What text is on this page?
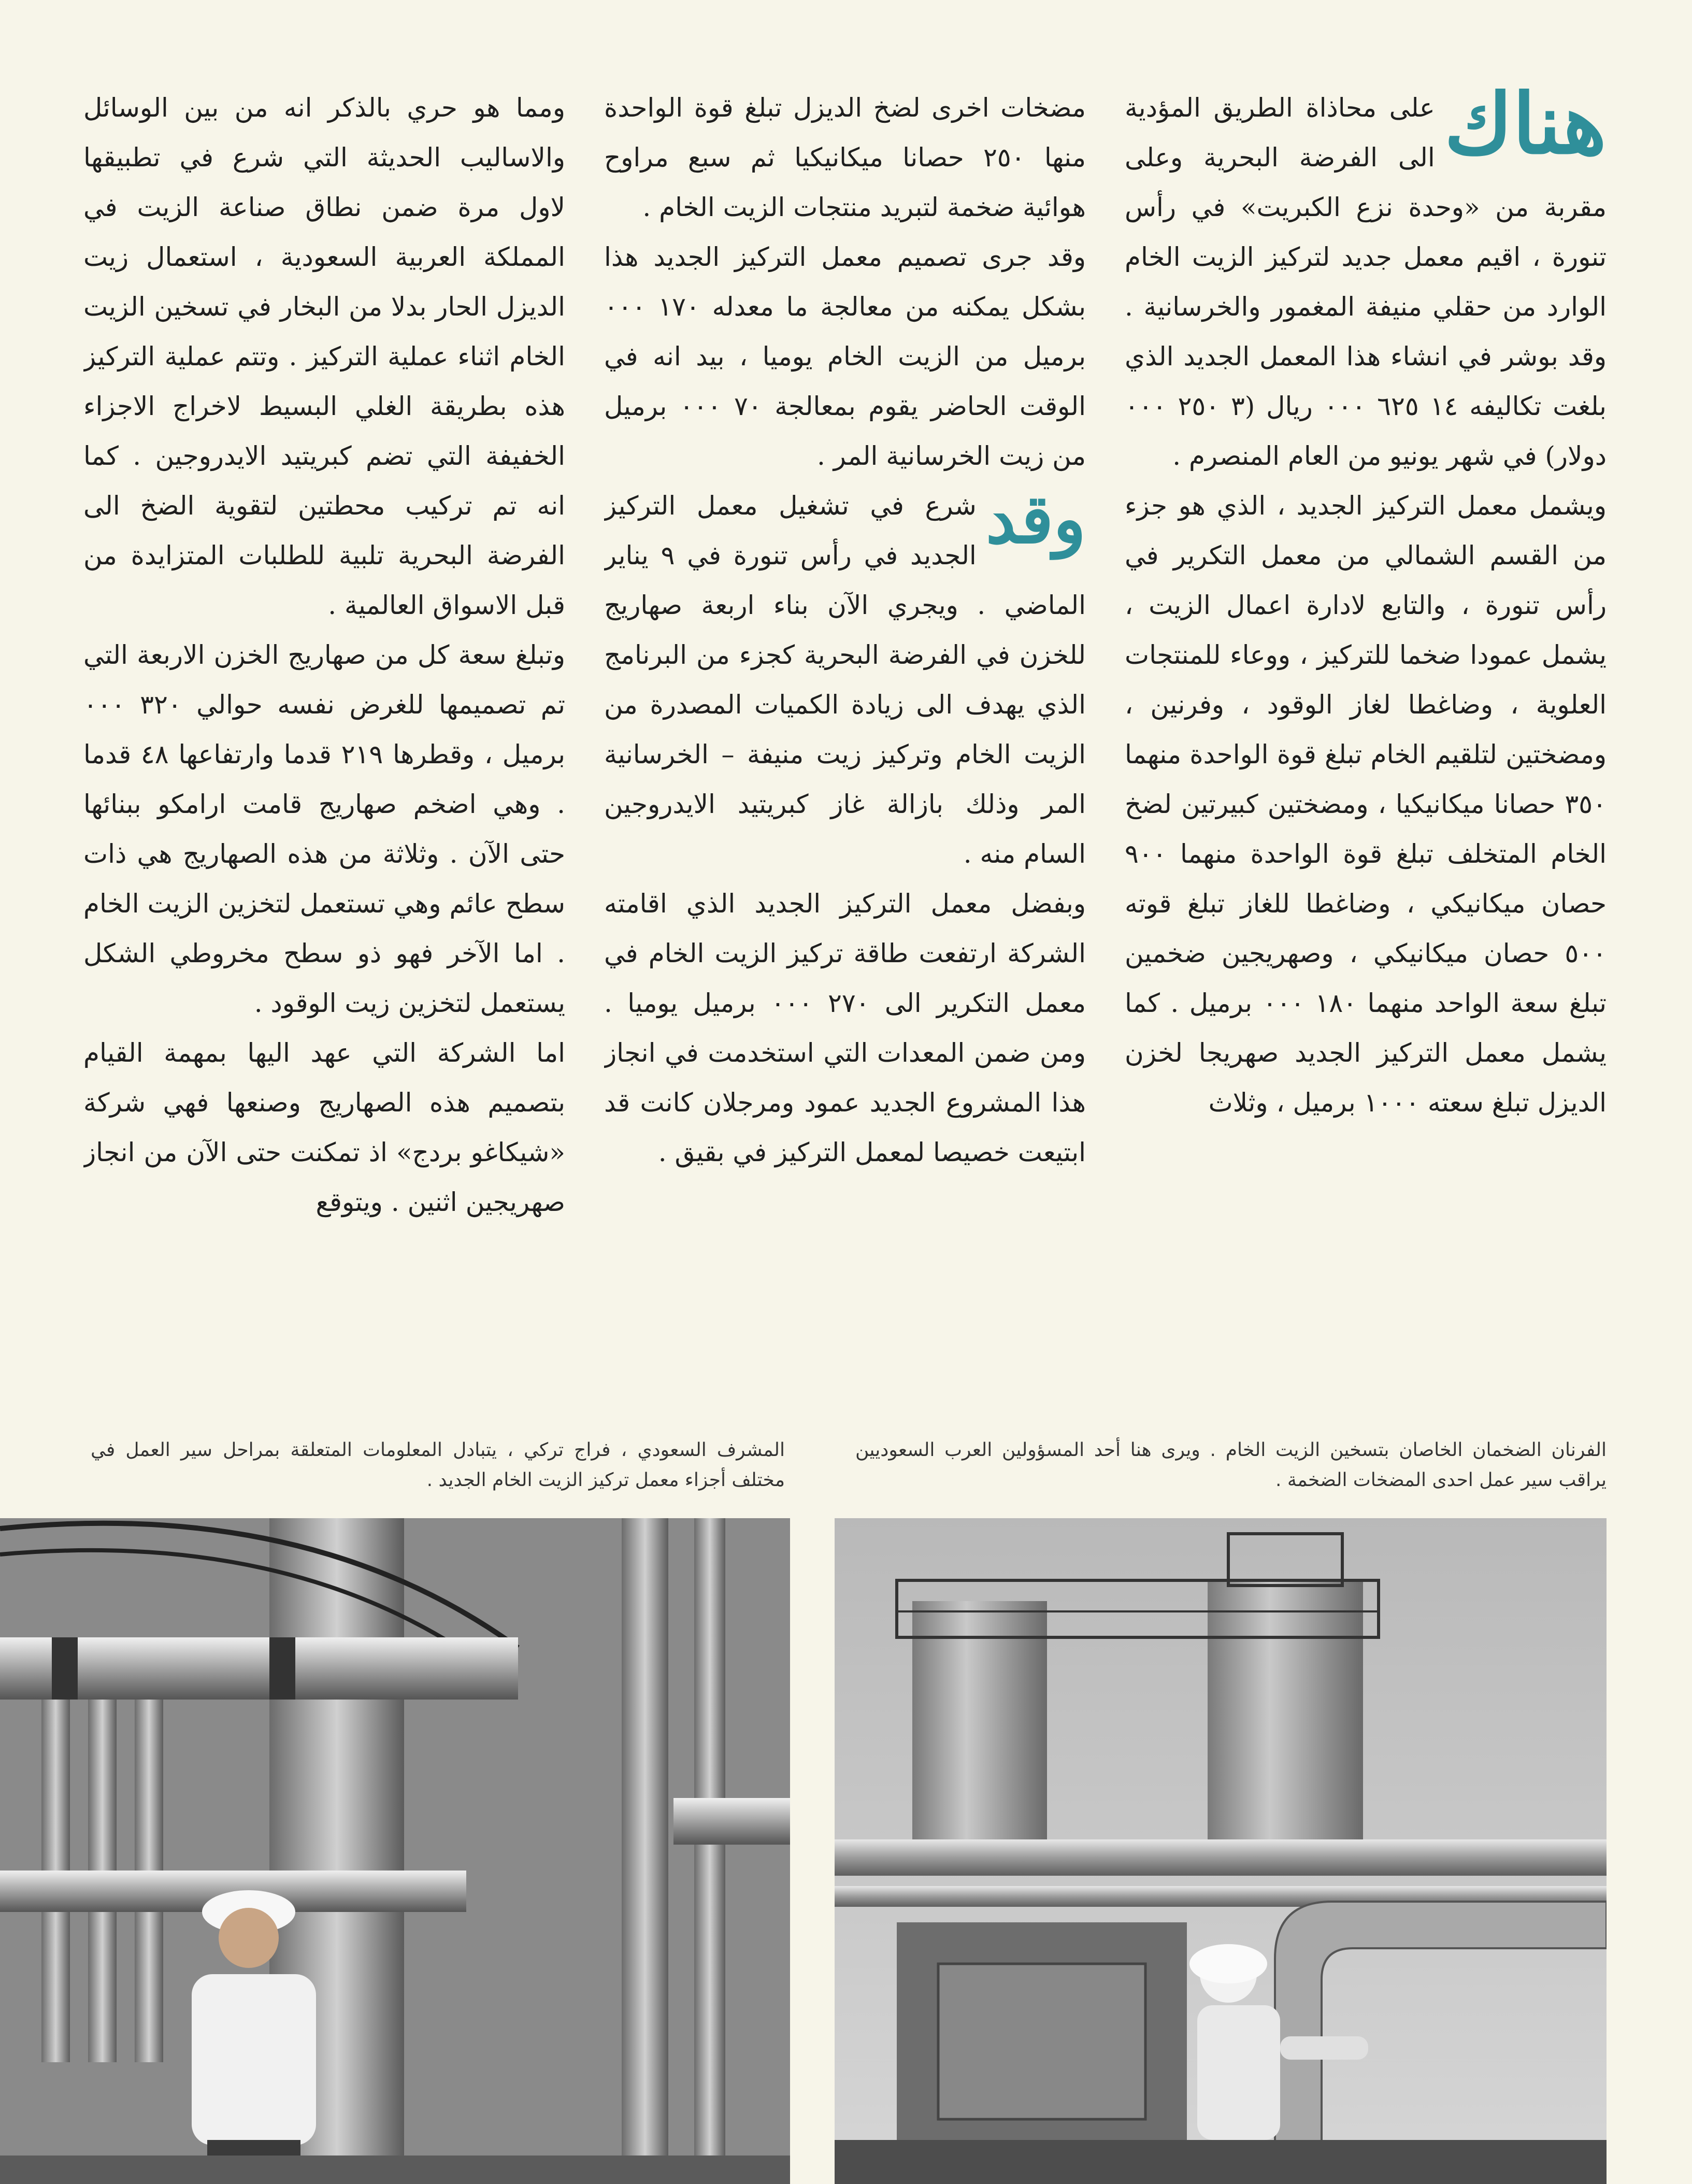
هناك

على محاذاة الطريق المؤدية الى الفرضة البحرية وعلى مقربة من «وحدة نزع الكبريت» في رأس تنورة ، اقيم معمل جديد لتركيز الزيت الخام الوارد من حقلي منيفة المغمور والخرسانية . وقد بوشر في انشاء هذا المعمل الجديد الذي بلغت تكاليفه ١٤ ٦٢٥ ٠٠٠ ريال (٣ ٢٥٠ ٠٠٠ دولار) في شهر يونيو من العام المنصرم .

ويشمل معمل التركيز الجديد ، الذي هو جزء من القسم الشمالي من معمل التكرير في رأس تنورة ، والتابع لادارة اعمال الزيت ، يشمل عمودا ضخما للتركيز ، ووعاء للمنتجات العلوية ، وضاغطا لغاز الوقود ، وفرنين ، ومضختين لتلقيم الخام تبلغ قوة الواحدة منهما ٣٥٠ حصانا ميكانيكيا ، ومضختين كبيرتين لضخ الخام المتخلف تبلغ قوة الواحدة منهما ٩٠٠ حصان ميكانيكي ، وضاغطا للغاز تبلغ قوته ٥٠٠ حصان ميكانيكي ، وصهريجين ضخمين تبلغ سعة الواحد منهما ١٨٠ ٠٠٠ برميل . كما يشمل معمل التركيز الجديد صهريجا لخزن الديزل تبلغ سعته ١٠٠٠ برميل ، وثلاث

مضخات اخرى لضخ الديزل تبلغ قوة الواحدة منها ٢٥٠ حصانا ميكانيكيا ثم سبع مراوح هوائية ضخمة لتبريد منتجات الزيت الخام .

وقد جرى تصميم معمل التركيز الجديد هذا بشكل يمكنه من معالجة ما معدله ١٧٠ ٠٠٠ برميل من الزيت الخام يوميا ، بيد انه في الوقت الحاضر يقوم بمعالجة ٧٠ ٠٠٠ برميل من زيت الخرسانية المر .

وقد

شرع في تشغيل معمل التركيز الجديد في رأس تنورة في ٩ يناير الماضي . ويجري الآن بناء اربعة صهاريج للخزن في الفرضة البحرية كجزء من البرنامج الذي يهدف الى زيادة الكميات المصدرة من الزيت الخام وتركيز زيت منيفة – الخرسانية المر وذلك بازالة غاز كبريتيد الايدروجين السام منه .

وبفضل معمل التركيز الجديد الذي اقامته الشركة ارتفعت طاقة تركيز الزيت الخام في معمل التكرير الى ٢٧٠ ٠٠٠ برميل يوميا . ومن ضمن المعدات التي استخدمت في انجاز هذا المشروع الجديد عمود ومرجلان كانت قد ابتيعت خصيصا لمعمل التركيز في بقيق .

ومما هو حري بالذكر انه من بين الوسائل والاساليب الحديثة التي شرع في تطبيقها لاول مرة ضمن نطاق صناعة الزيت في المملكة العربية السعودية ، استعمال زيت الديزل الحار بدلا من البخار في تسخين الزيت الخام اثناء عملية التركيز . وتتم عملية التركيز هذه بطريقة الغلي البسيط لاخراج الاجزاء الخفيفة التي تضم كبريتيد الايدروجين . كما انه تم تركيب محطتين لتقوية الضخ الى الفرضة البحرية تلبية للطلبات المتزايدة من قبل الاسواق العالمية .

وتبلغ سعة كل من صهاريج الخزن الاربعة التي تم تصميمها للغرض نفسه حوالي ٣٢٠ ٠٠٠ برميل ، وقطرها ٢١٩ قدما وارتفاعها ٤٨ قدما . وهي اضخم صهاريج قامت ارامكو ببنائها حتى الآن . وثلاثة من هذه الصهاريج هي ذات سطح عائم وهي تستعمل لتخزين الزيت الخام . اما الآخر فهو ذو سطح مخروطي الشكل يستعمل لتخزين زيت الوقود .

اما الشركة التي عهد اليها بمهمة القيام بتصميم هذه الصهاريج وصنعها فهي شركة «شيكاغو بردج» اذ تمكنت حتى الآن من انجاز صهريجين اثنين . ويتوقع

الفرنان الضخمان الخاصان بتسخين الزيت الخام . ويرى هنا أحد المسؤولين العرب السعوديين يراقب سير عمل احدى المضخات الضخمة .
المشرف السعودي ، فراج تركي ، يتبادل المعلومات المتعلقة بمراحل سير العمل في مختلف أجزاء معمل تركيز الزيت الخام الجديد .
